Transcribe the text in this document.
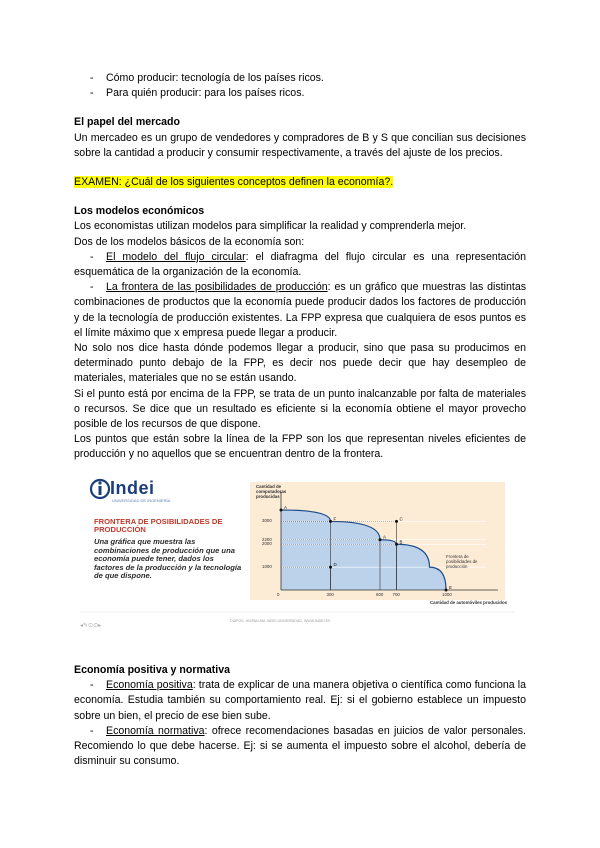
- Cómo producir: tecnología de los países ricos.

- Para quién producir: para los países ricos.

El papel del mercado

Un mercadeo es un grupo de vendedores y compradores de B y S que concilian sus decisiones sobre la cantidad a producir y consumir respectivamente, a través del ajuste de los precios.

EXAMEN: ¿Cuál de los siguientes conceptos definen la economía?.

Los modelos económicos

Los economistas utilizan modelos para simplificar la realidad y comprenderla mejor.

Dos de los modelos básicos de la economía son:

- El modelo del flujo circular: el diafragma del flujo circular es una representación esquemática de la organización de la economía.

- La frontera de las posibilidades de producción: es un gráfico que muestras las distintas combinaciones de productos que la economía puede producir dados los factores de producción y de la tecnología de producción existentes. La FPP expresa que cualquiera de esos puntos es el límite máximo que x empresa puede llegar a producir.

No solo nos dice hasta dónde podemos llegar a producir, sino que pasa su producimos en determinado punto debajo de la FPP, es decir nos puede decir que hay desempleo de materiales, materiales que no se están usando.

Si el punto está por encima de la FPP, se trata de un punto inalcanzable por falta de materiales o recursos. Se dice que un resultado es eficiente si la economía obtiene el mayor provecho posible de los recursos de que dispone.

Los puntos que están sobre la línea de la FPP son los que representan niveles eficientes de producción y no aquellos que se encuentran dentro de la frontera.

A
F	C
A
B
D
E
Indei
UNIVERSIDAD DE INGENIERÍA
FRONTERA DE POSIBILIDADES DE PRODUCCIÓN
Una gráfica que muestra las combinaciones de producción que una economía puede tener, dados los factores de la producción y la tecnología de que dispone.
Cantidad de computadoras producidas
Cantidad de automóviles producidos
Frontera de posibilidades de producción
3000
2200
2000
1000
0	300	600 700	1000
DIAPOS, HISPAN AM. INDEI UNIVERSIDAD, WWW.INDEI.ES
◂✎⊙⊙▸

Economía positiva y normativa

- Economía positiva: trata de explicar de una manera objetiva o científica como funciona la economía. Estudia también su comportamiento real. Ej: si el gobierno establece un impuesto sobre un bien, el precio de ese bien sube.

- Economía normativa: ofrece recomendaciones basadas en juicios de valor personales. Recomiendo lo que debe hacerse. Ej: si se aumenta el impuesto sobre el alcohol, debería de disminuir su consumo.
